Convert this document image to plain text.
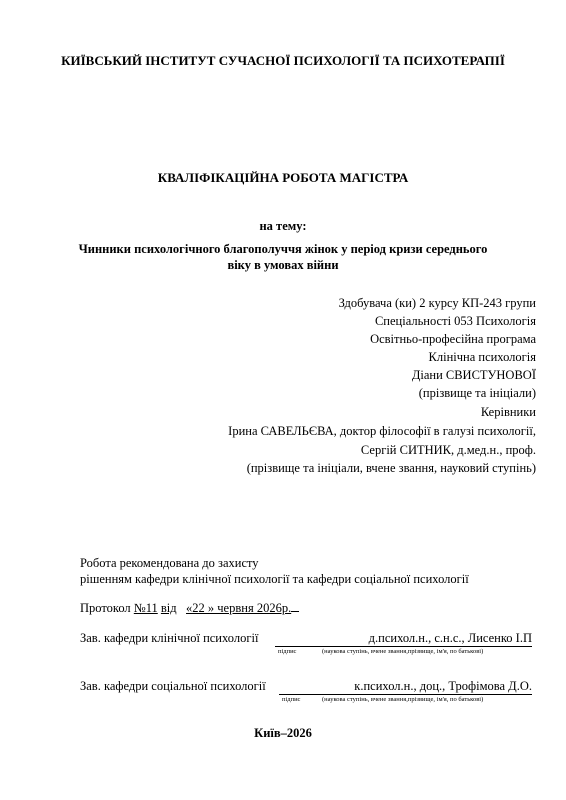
КИЇВСЬКИЙ ІНСТИТУТ СУЧАСНОЇ ПСИХОЛОГІЇ ТА ПСИХОТЕРАПІЇ
КВАЛІФІКАЦІЙНА РОБОТА МАГІСТРА
на тему:
Чинники психологічного благополуччя жінок у період кризи середнього
віку в умовах війни
Здобувача (ки) 2 курсу КП-243 групи
Спеціальності 053 Психологія
Освітньо-професійна програма
Клінічна психологія
Діани СВИСТУНОВОЇ
(прізвище та ініціали)
Керівники
Ірина САВЕЛЬЄВА, доктор філософії в галузі психології,
Сергій СИТНИК, д.мед.н., проф.
(прізвище та ініціали, вчене звання, науковий ступінь)
Робота рекомендована до захисту
рішенням кафедри клінічної психології та кафедри соціальної психології
Протокол №11 від «22 » червня 2026р.
Зав. кафедри клінічної психології	д.психол.н., с.н.с., Лисенко І.П
підпис	(наукова ступінь, вчене звання,прізвище, ім'я, по батькові)
Зав. кафедри соціальної психології	к.психол.н., доц., Трофімова Д.О.
підпис	(наукова ступінь, вчене звання,прізвище, ім'я, по батькові)
Київ–2026
